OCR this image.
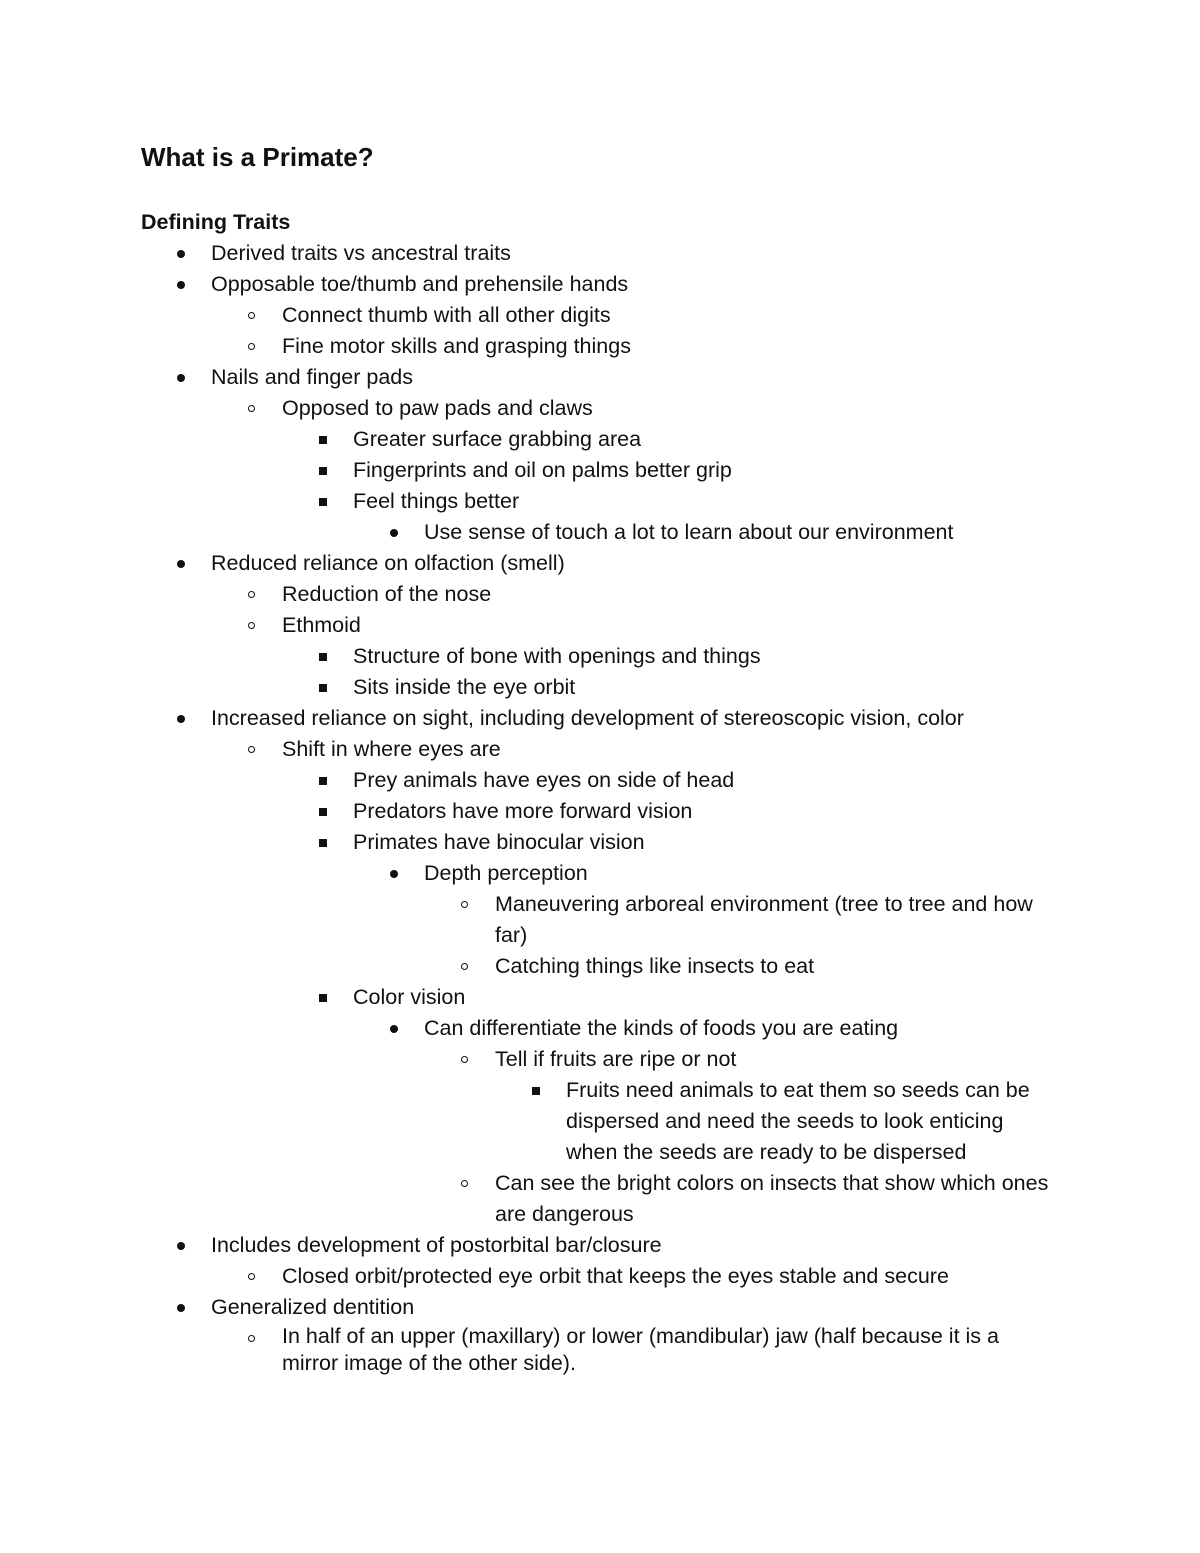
What is a Primate?
Defining Traits
Derived traits vs ancestral traits
Opposable toe/thumb and prehensile hands
Connect thumb with all other digits
Fine motor skills and grasping things
Nails and finger pads
Opposed to paw pads and claws
Greater surface grabbing area
Fingerprints and oil on palms better grip
Feel things better
Use sense of touch a lot to learn about our environment
Reduced reliance on olfaction (smell)
Reduction of the nose
Ethmoid
Structure of bone with openings and things
Sits inside the eye orbit
Increased reliance on sight, including development of stereoscopic vision, color
Shift in where eyes are
Prey animals have eyes on side of head
Predators have more forward vision
Primates have binocular vision
Depth perception
Maneuvering arboreal environment (tree to tree and how far)
Catching things like insects to eat
Color vision
Can differentiate the kinds of foods you are eating
Tell if fruits are ripe or not
Fruits need animals to eat them so seeds can be dispersed and need the seeds to look enticing when the seeds are ready to be dispersed
Can see the bright colors on insects that show which ones are dangerous
Includes development of postorbital bar/closure
Closed orbit/protected eye orbit that keeps the eyes stable and secure
Generalized dentition
In half of an upper (maxillary) or lower (mandibular) jaw (half because it is a mirror image of the other side).
